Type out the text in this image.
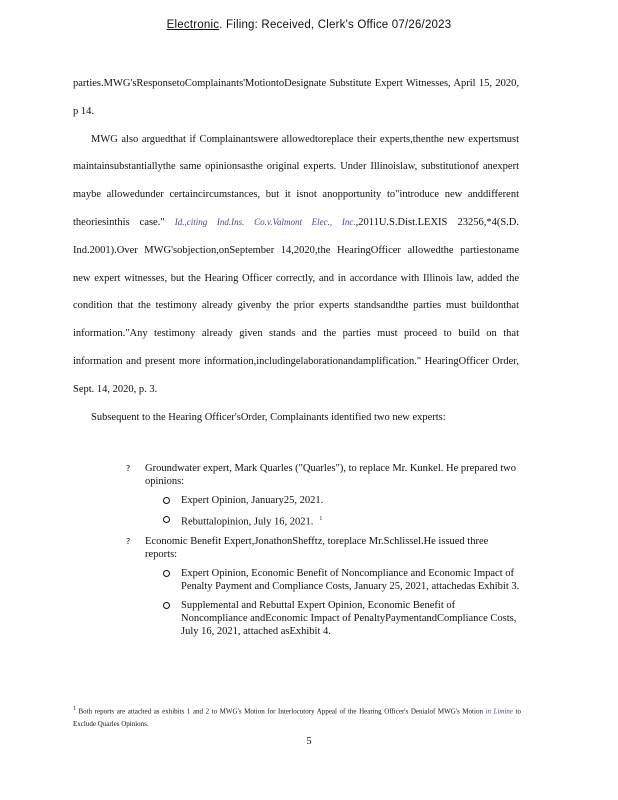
Electronic. Filing: Received, Clerk's Office 07/26/2023

parties.MWG'sResponsetoComplainants'MotiontoDesignate Substitute Expert Witnesses, April 15, 2020, p 14.

MWG also arguedthat if Complainantswere allowedtoreplace their experts,thenthe new expertsmust maintainsubstantiallythe same opinionsasthe original experts. Under Illinoislaw, substitutionof anexpert maybe allowedunder certaincircumstances, but it isnot anopportunity to"introduce new anddifferent theoriesinthis case." Id.,citing Ind.Ins. Co.v.Valmont Elec., Inc.,2011U.S.Dist.LEXIS 23256,*4(S.D. Ind.2001).Over MWG'sobjection,onSeptember 14,2020,the HearingOfficer allowedthe partiestoname new expert witnesses, but the Hearing Officer correctly, and in accordance with Illinois law, added the condition that the testimony already givenby the prior experts standsandthe parties must buildonthat information."Any testimony already given stands and the parties must proceed to build on that information and present more information,includingelaborationandamplification." HearingOfficer Order, Sept. 14, 2020, p. 3.

Subsequent to the Hearing Officer'sOrder, Complainants identified two new experts:

? Groundwater expert, Mark Quarles ("Quarles"), to replace Mr. Kunkel. He prepared two opinions:
Expert Opinion, January25, 2021.
Rebuttalopinion, July 16, 2021. $^1$
? Economic Benefit Expert,JonathonShefftz, toreplace Mr.Schlissel.He issued three reports:
Expert Opinion, Economic Benefit of Noncompliance and Economic Impact of Penalty Payment and Compliance Costs, January 25, 2021, attachedas Exhibit 3.
Supplemental and Rebuttal Expert Opinion, Economic Benefit of Noncompliance andEconomic Impact of PenaltyPaymentandCompliance Costs, July 16, 2021, attached asExhibit 4.
$^1$ Both reports are attached as exhibits 1 and 2 to MWG's Motion for Interlocutory Appeal of the Hearing Officer's Denialof MWG's Motion in Limine to Exclude Quarles Opinions.
5
